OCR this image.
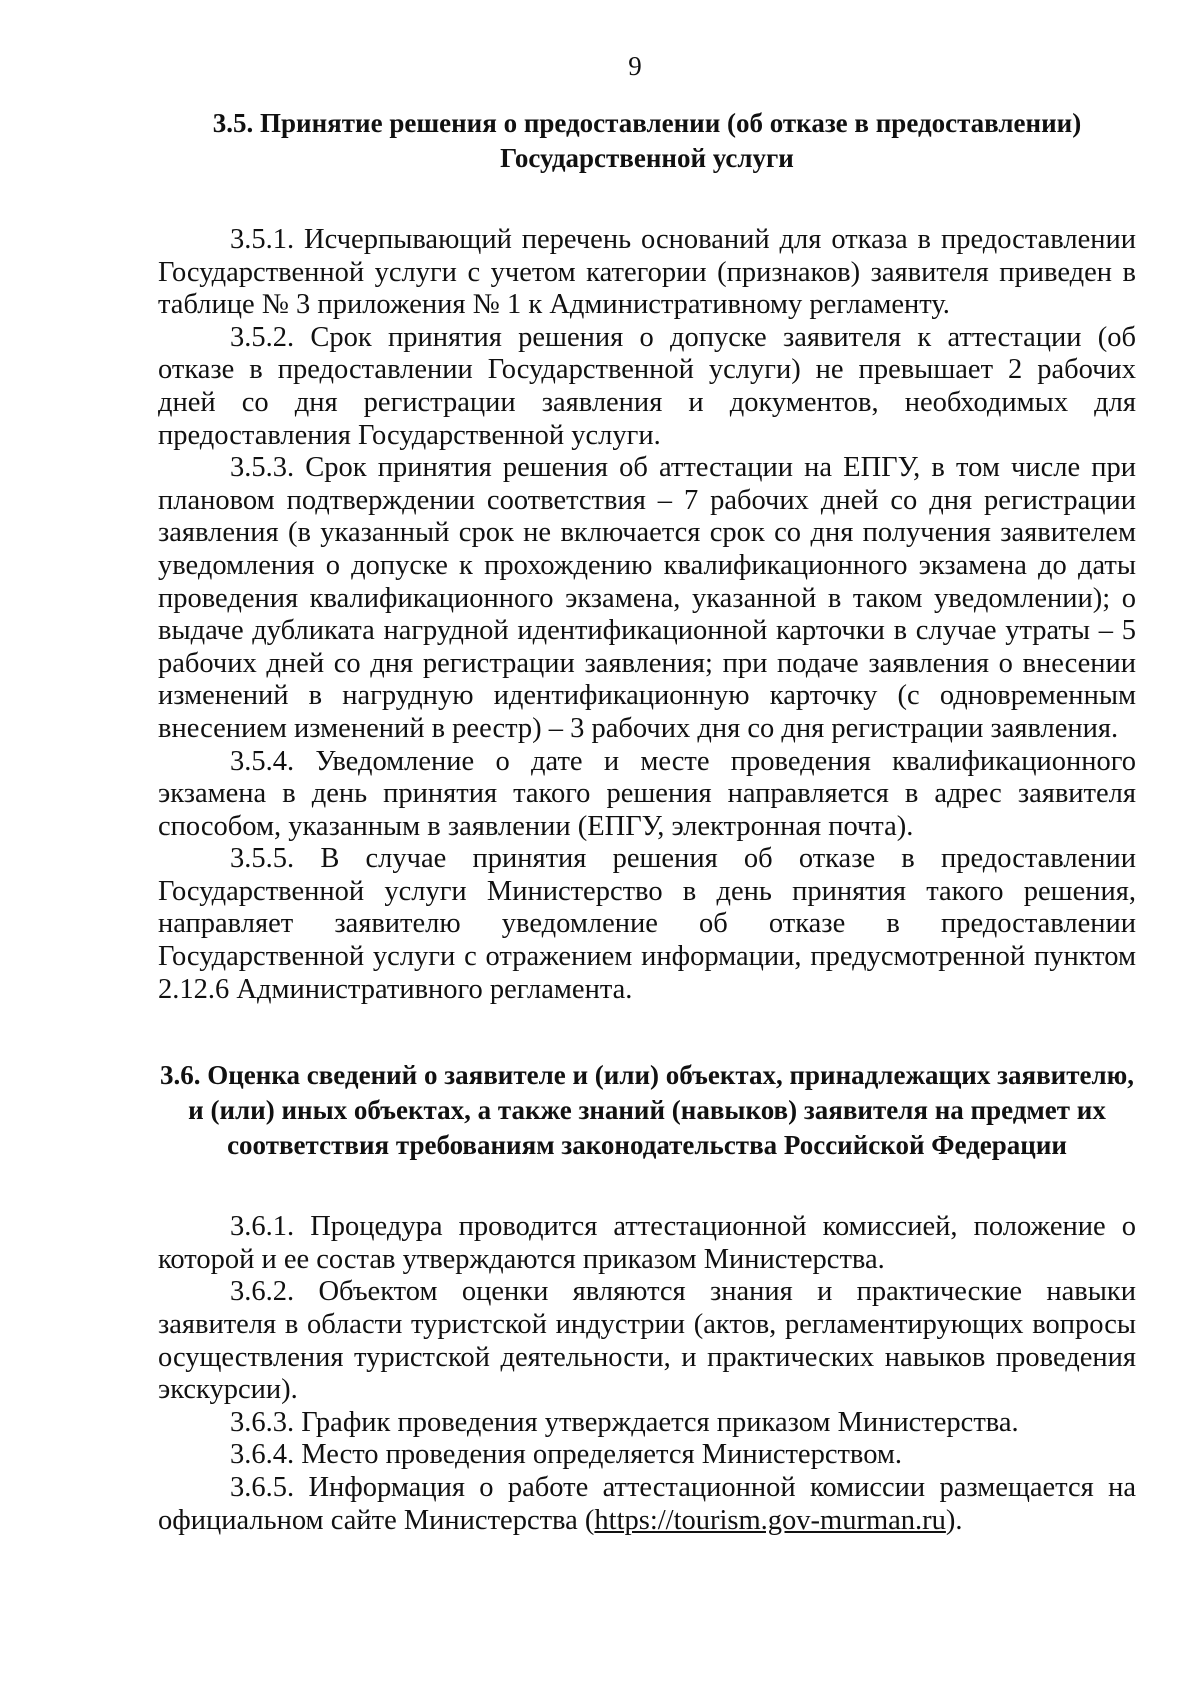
9
3.5. Принятие решения о предоставлении (об отказе в предоставлении) Государственной услуги

3.5.1. Исчерпывающий перечень оснований для отказа в предоставлении Государственной услуги с учетом категории (признаков) заявителя приведен в таблице № 3 приложения № 1 к Административному регламенту.

3.5.2. Срок принятия решения о допуске заявителя к аттестации (об отказе в предоставлении Государственной услуги) не превышает 2 рабочих дней со дня регистрации заявления и документов, необходимых для предоставления Государственной услуги.

3.5.3. Срок принятия решения об аттестации на ЕПГУ, в том числе при плановом подтверждении соответствия – 7 рабочих дней со дня регистрации заявления (в указанный срок не включается срок со дня получения заявителем уведомления о допуске к прохождению квалификационного экзамена до даты проведения квалификационного экзамена, указанной в таком уведомлении); о выдаче дубликата нагрудной идентификационной карточки в случае утраты – 5 рабочих дней со дня регистрации заявления; при подаче заявления о внесении изменений в нагрудную идентификационную карточку (с одновременным внесением изменений в реестр) – 3 рабочих дня со дня регистрации заявления.

3.5.4. Уведомление о дате и месте проведения квалификационного экзамена в день принятия такого решения направляется в адрес заявителя способом, указанным в заявлении (ЕПГУ, электронная почта).

3.5.5. В случае принятия решения об отказе в предоставлении Государственной услуги Министерство в день принятия такого решения, направляет заявителю уведомление об отказе в предоставлении Государственной услуги с отражением информации, предусмотренной пунктом 2.12.6 Административного регламента.

3.6. Оценка сведений о заявителе и (или) объектах, принадлежащих заявителю, и (или) иных объектах, а также знаний (навыков) заявителя на предмет их соответствия требованиям законодательства Российской Федерации

3.6.1. Процедура проводится аттестационной комиссией, положение о которой и ее состав утверждаются приказом Министерства.

3.6.2. Объектом оценки являются знания и практические навыки заявителя в области туристской индустрии (актов, регламентирующих вопросы осуществления туристской деятельности, и практических навыков проведения экскурсии).

3.6.3. График проведения утверждается приказом Министерства.

3.6.4. Место проведения определяется Министерством.

3.6.5. Информация о работе аттестационной комиссии размещается на официальном сайте Министерства (https://tourism.gov-murman.ru).
